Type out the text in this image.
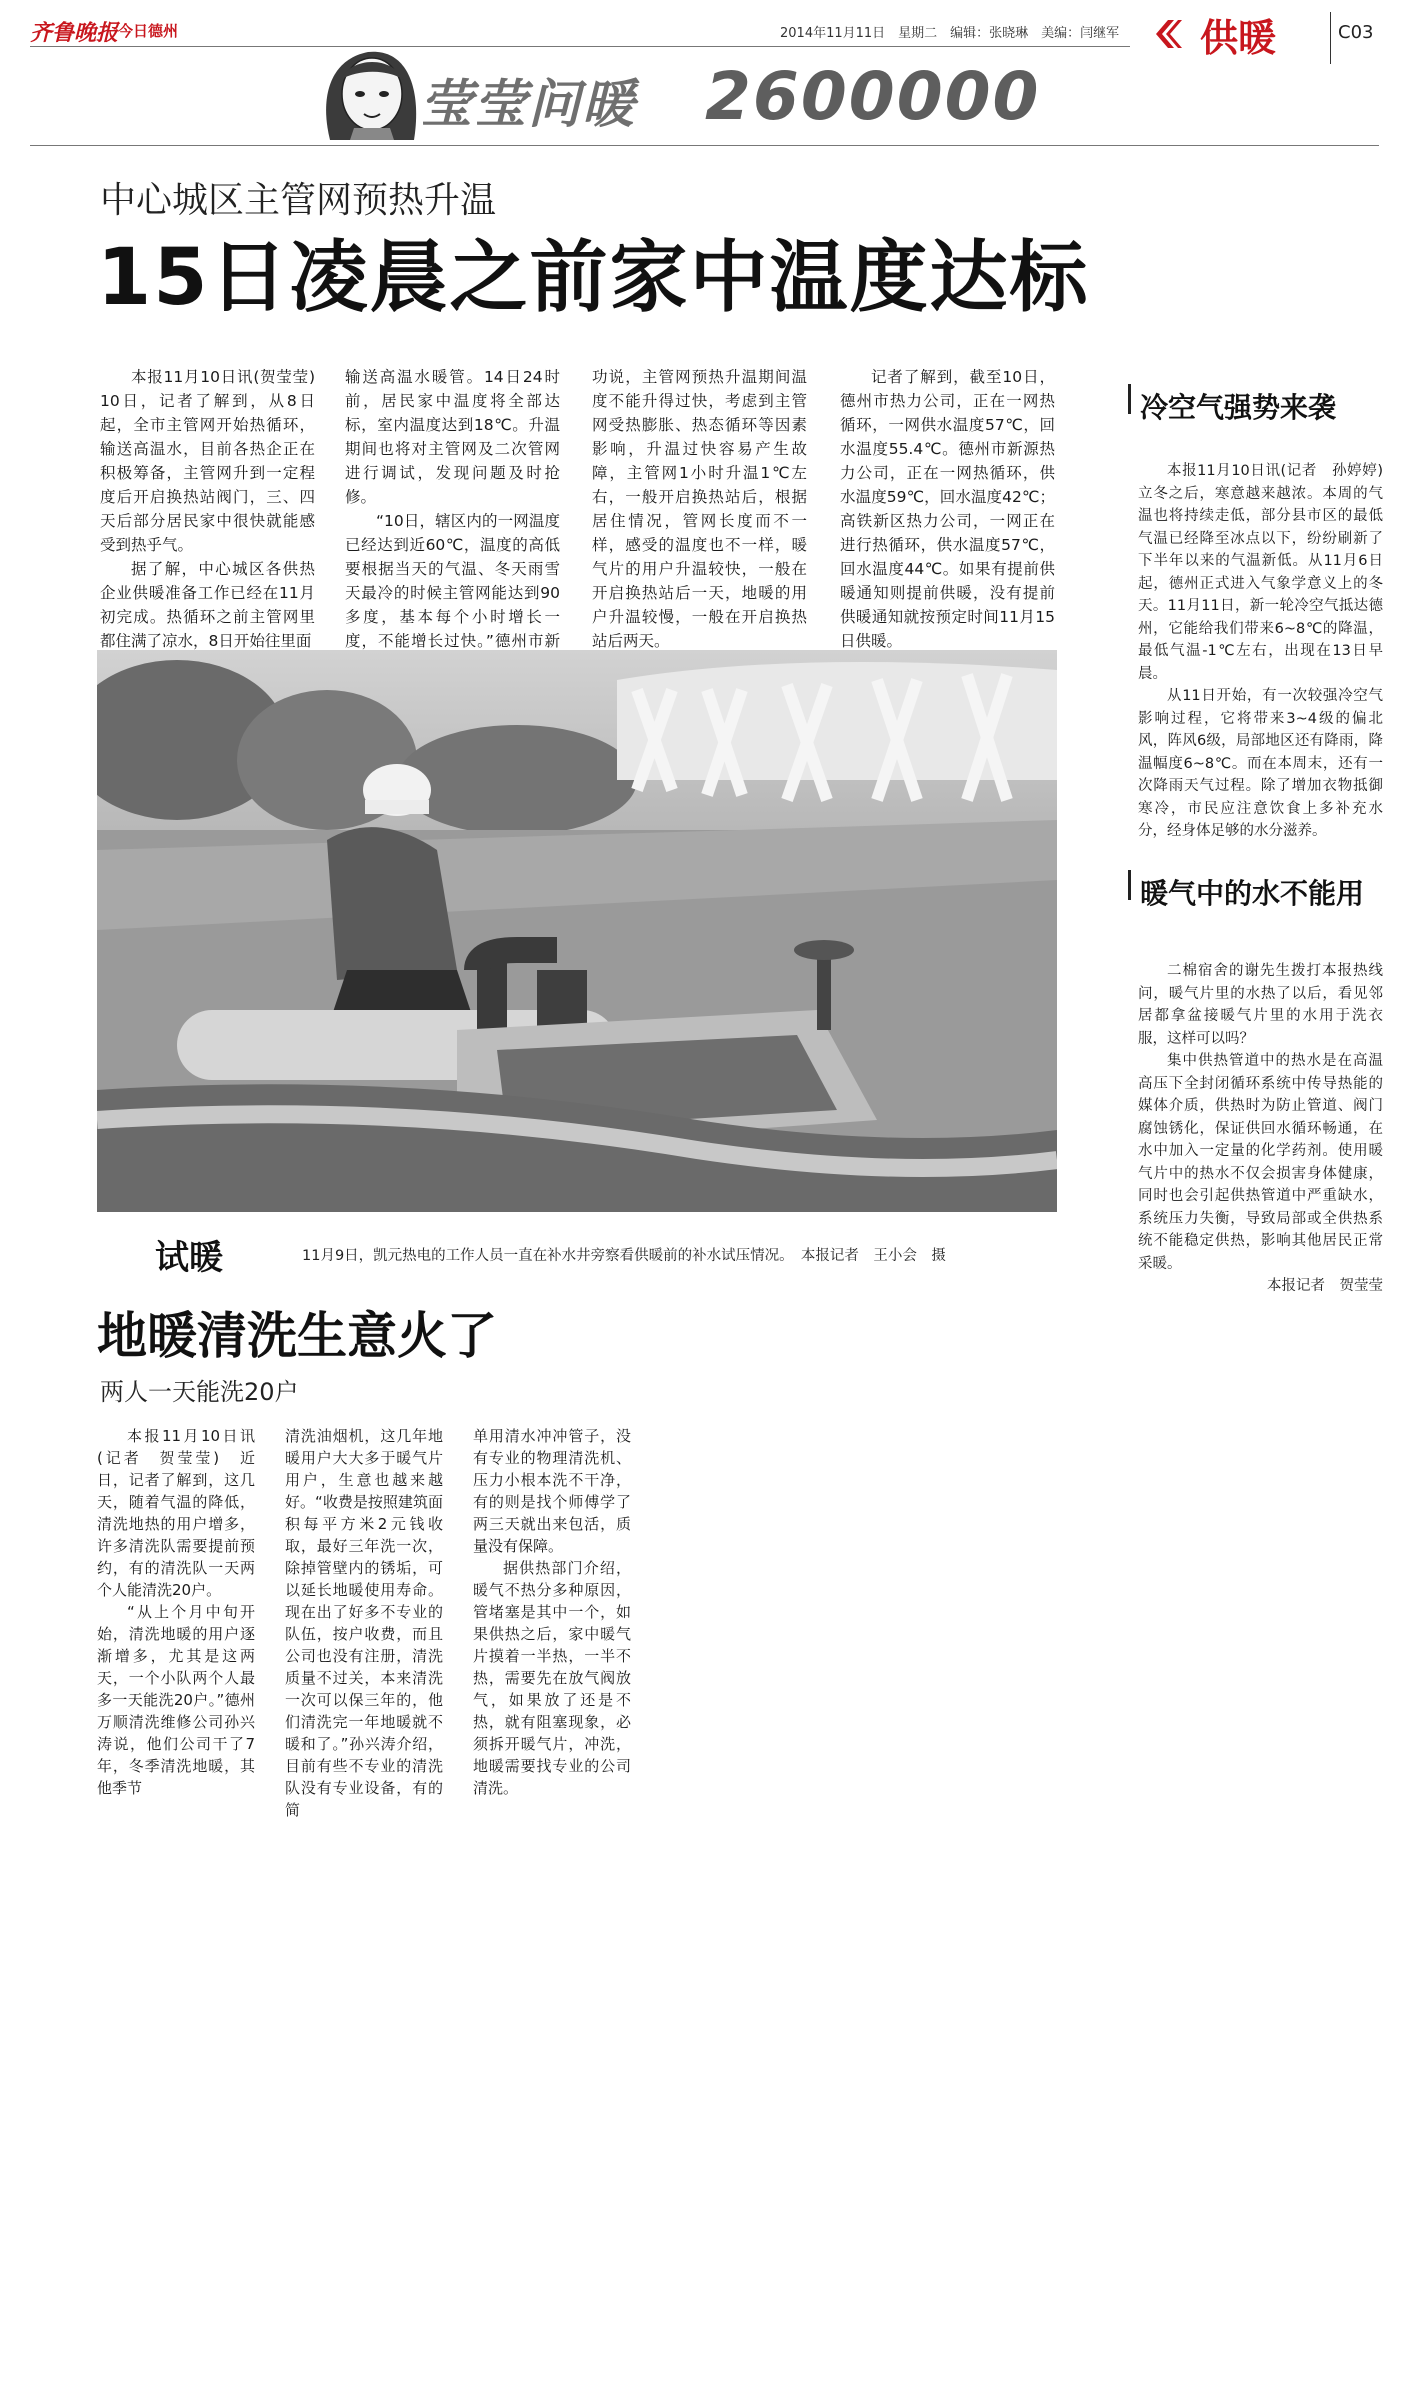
齐鲁晚报 今日德州	2014年11月11日　星期二　编辑：张晓琳　美编：闫继军 供暖	C03
莹莹问暖 2600000
中心城区主管网预热升温
15日凌晨之前家中温度达标

本报11月10日讯(贺莹莹)　10日，记者了解到，从8日起，全市主管网开始热循环，输送高温水，目前各热企正在积极筹备，主管网升到一定程度后开启换热站阀门，三、四天后部分居民家中很快就能感受到热乎气。

据了解，中心城区各供热企业供暖准备工作已经在11月初完成。热循环之前主管网里都住满了凉水，8日开始往里面

输送高温水暖管。14日24时前，居民家中温度将全部达标，室内温度达到18℃。升温期间也将对主管网及二次管网进行调试，发现问题及时抢修。

“10日，辖区内的一网温度已经达到近60℃，温度的高低要根据当天的气温、冬天雨雪天最冷的时候主管网能达到90多度，基本每个小时增长一度，不能增长过快。”德州市新

功说，主管网预热升温期间温度不能升得过快，考虑到主管网受热膨胀、热态循环等因素影响，升温过快容易产生故障，主管网1小时升温1℃左右，一般开启换热站后，根据居住情况，管网长度而不一样，感受的温度也不一样，暖气片的用户升温较快，一般在开启换热站后一天，地暖的用户升温较慢，一般在开启换热站后两天。

记者了解到，截至10日，德州市热力公司，正在一网热循环，一网供水温度57℃，回水温度55.4℃。德州市新源热力公司，正在一网热循环，供水温度59℃，回水温度42℃；高铁新区热力公司，一网正在进行热循环，供水温度57℃，回水温度44℃。如果有提前供暖通知则提前供暖，没有提前供暖通知就按预定时间11月15日供暖。

试暖	11月9日，凯元热电的工作人员一直在补水井旁察看供暖前的补水试压情况。　本报记者　王小会　摄
地暖清洗生意火了
两人一天能洗20户

本报11月10日讯(记者　贺莹莹)　近日，记者了解到，这几天，随着气温的降低，清洗地热的用户增多，许多清洗队需要提前预约，有的清洗队一天两个人能清洗20户。

“从上个月中旬开始，清洗地暖的用户逐渐增多，尤其是这两天，一个小队两个人最多一天能洗20户。”德州万顺清洗维修公司孙兴涛说，他们公司干了7年，冬季清洗地暖，其他季节

清洗油烟机，这几年地暖用户大大多于暖气片用户，生意也越来越好。“收费是按照建筑面积每平方米2元钱收取，最好三年洗一次，除掉管壁内的锈垢，可以延长地暖使用寿命。现在出了好多不专业的队伍，按户收费，而且公司也没有注册，清洗质量不过关，本来清洗一次可以保三年的，他们清洗完一年地暖就不暖和了。”孙兴涛介绍，目前有些不专业的清洗队没有专业设备，有的简

单用清水冲冲管子，没有专业的物理清洗机、压力小根本洗不干净，有的则是找个师傅学了两三天就出来包活，质量没有保障。

据供热部门介绍，暖气不热分多种原因，管堵塞是其中一个，如果供热之后，家中暖气片摸着一半热，一半不热，需要先在放气阀放气，如果放了还是不热，就有阻塞现象，必须拆开暖气片，冲洗，地暖需要找专业的公司清洗。

冷空气强势来袭

本报11月10日讯(记者　孙婷婷)　立冬之后，寒意越来越浓。本周的气温也将持续走低，部分县市区的最低气温已经降至冰点以下，纷纷刷新了下半年以来的气温新低。从11月6日起，德州正式进入气象学意义上的冬天。11月11日，新一轮冷空气抵达德州，它能给我们带来6~8℃的降温，最低气温-1℃左右，出现在13日早晨。

从11日开始，有一次较强冷空气影响过程，它将带来3~4级的偏北风，阵风6级，局部地区还有降雨，降温幅度6~8℃。而在本周末，还有一次降雨天气过程。除了增加衣物抵御寒冷，市民应注意饮食上多补充水分，经身体足够的水分滋养。

暖气中的水不能用

二棉宿舍的谢先生拨打本报热线问，暖气片里的水热了以后，看见邻居都拿盆接暖气片里的水用于洗衣服，这样可以吗？

集中供热管道中的热水是在高温高压下全封闭循环系统中传导热能的媒体介质，供热时为防止管道、阀门腐蚀锈化，保证供回水循环畅通，在水中加入一定量的化学药剂。使用暖气片中的热水不仅会损害身体健康，同时也会引起供热管道中严重缺水，系统压力失衡，导致局部或全供热系统不能稳定供热，影响其他居民正常采暖。

本报记者　贺莹莹
